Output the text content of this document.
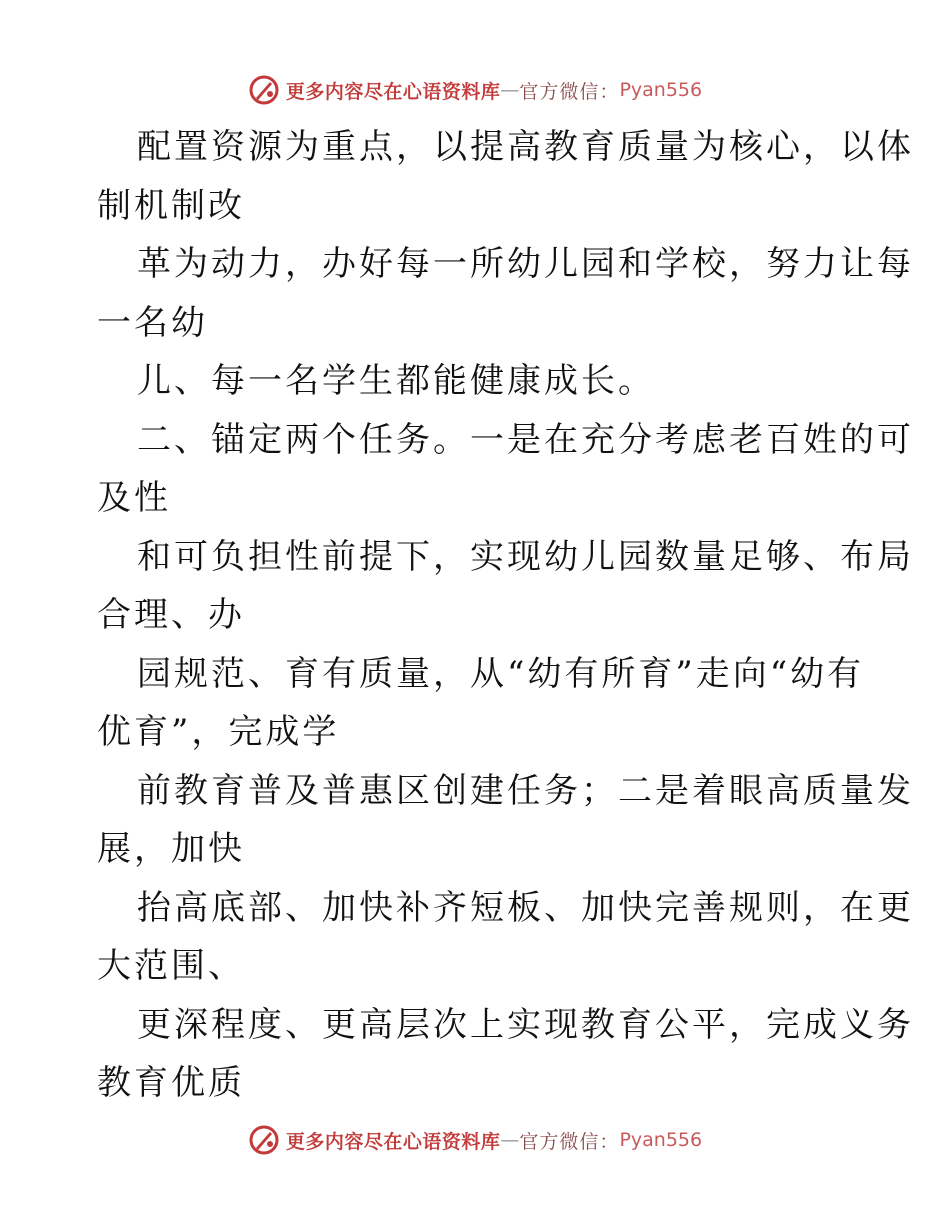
更多内容尽在心语资料库 — 官方微信： Pyan556
配置资源为重点，以提高教育质量为核心，以体
制机制改
革为动力，办好每一所幼儿园和学校，努力让每
一名幼
儿、每一名学生都能健康成长。
二、锚定两个任务。一是在充分考虑老百姓的可
及性
和可负担性前提下，实现幼儿园数量足够、布局
合理、办
园规范、育有质量，从“幼有所育”走向“幼有
优育”，完成学
前教育普及普惠区创建任务；二是着眼高质量发
展，加快
抬高底部、加快补齐短板、加快完善规则，在更
大范围、
更深程度、更高层次上实现教育公平，完成义务
教育优质
更多内容尽在心语资料库 — 官方微信： Pyan556
